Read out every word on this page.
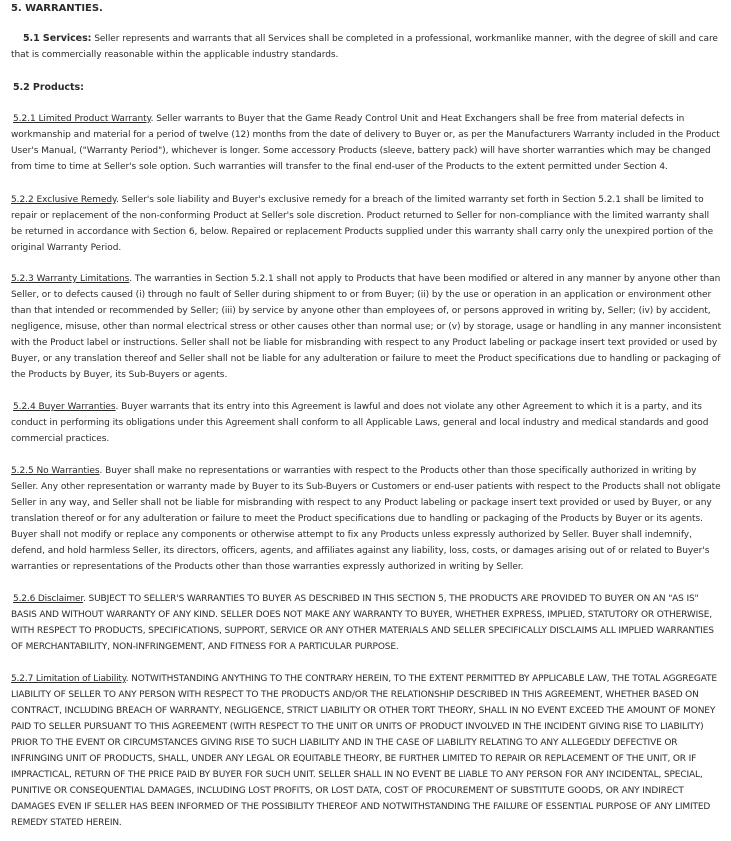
5. WARRANTIES.

5.1 Services: Seller represents and warrants that all Services shall be completed in a professional, workmanlike manner, with the degree of skill and care that is commercially reasonable within the applicable industry standards.

5.2 Products:

5.2.1 Limited Product Warranty. Seller warrants to Buyer that the Game Ready Control Unit and Heat Exchangers shall be free from material defects in workmanship and material for a period of twelve (12) months from the date of delivery to Buyer or, as per the Manufacturers Warranty included in the Product User's Manual, ("Warranty Period"), whichever is longer. Some accessory Products (sleeve, battery pack) will have shorter warranties which may be changed from time to time at Seller's sole option. Such warranties will transfer to the final end-user of the Products to the extent permitted under Section 4.

5.2.2 Exclusive Remedy. Seller's sole liability and Buyer's exclusive remedy for a breach of the limited warranty set forth in Section 5.2.1 shall be limited to repair or replacement of the non-conforming Product at Seller's sole discretion. Product returned to Seller for non-compliance with the limited warranty shall be returned in accordance with Section 6, below. Repaired or replacement Products supplied under this warranty shall carry only the unexpired portion of the original Warranty Period.

5.2.3 Warranty Limitations. The warranties in Section 5.2.1 shall not apply to Products that have been modified or altered in any manner by anyone other than Seller, or to defects caused (i) through no fault of Seller during shipment to or from Buyer; (ii) by the use or operation in an application or environment other than that intended or recommended by Seller; (iii) by service by anyone other than employees of, or persons approved in writing by, Seller; (iv) by accident, negligence, misuse, other than normal electrical stress or other causes other than normal use; or (v) by storage, usage or handling in any manner inconsistent with the Product label or instructions. Seller shall not be liable for misbranding with respect to any Product labeling or package insert text provided or used by Buyer, or any translation thereof and Seller shall not be liable for any adulteration or failure to meet the Product specifications due to handling or packaging of the Products by Buyer, its Sub-Buyers or agents.

5.2.4 Buyer Warranties. Buyer warrants that its entry into this Agreement is lawful and does not violate any other Agreement to which it is a party, and its conduct in performing its obligations under this Agreement shall conform to all Applicable Laws, general and local industry and medical standards and good commercial practices.

5.2.5 No Warranties. Buyer shall make no representations or warranties with respect to the Products other than those specifically authorized in writing by Seller. Any other representation or warranty made by Buyer to its Sub-Buyers or Customers or end-user patients with respect to the Products shall not obligate Seller in any way, and Seller shall not be liable for misbranding with respect to any Product labeling or package insert text provided or used by Buyer, or any translation thereof or for any adulteration or failure to meet the Product specifications due to handling or packaging of the Products by Buyer or its agents. Buyer shall not modify or replace any components or otherwise attempt to fix any Products unless expressly authorized by Seller. Buyer shall indemnify, defend, and hold harmless Seller, its directors, officers, agents, and affiliates against any liability, loss, costs, or damages arising out of or related to Buyer's warranties or representations of the Products other than those warranties expressly authorized in writing by Seller.

5.2.6 Disclaimer. SUBJECT TO SELLER'S WARRANTIES TO BUYER AS DESCRIBED IN THIS SECTION 5, THE PRODUCTS ARE PROVIDED TO BUYER ON AN "AS IS" BASIS AND WITHOUT WARRANTY OF ANY KIND. SELLER DOES NOT MAKE ANY WARRANTY TO BUYER, WHETHER EXPRESS, IMPLIED, STATUTORY OR OTHERWISE, WITH RESPECT TO PRODUCTS, SPECIFICATIONS, SUPPORT, SERVICE OR ANY OTHER MATERIALS AND SELLER SPECIFICALLY DISCLAIMS ALL IMPLIED WARRANTIES OF MERCHANTABILITY, NON-INFRINGEMENT, AND FITNESS FOR A PARTICULAR PURPOSE.

5.2.7 Limitation of Liability. NOTWITHSTANDING ANYTHING TO THE CONTRARY HEREIN, TO THE EXTENT PERMITTED BY APPLICABLE LAW, THE TOTAL AGGREGATE LIABILITY OF SELLER TO ANY PERSON WITH RESPECT TO THE PRODUCTS AND/OR THE RELATIONSHIP DESCRIBED IN THIS AGREEMENT, WHETHER BASED ON CONTRACT, INCLUDING BREACH OF WARRANTY, NEGLIGENCE, STRICT LIABILITY OR OTHER TORT THEORY, SHALL IN NO EVENT EXCEED THE AMOUNT OF MONEY PAID TO SELLER PURSUANT TO THIS AGREEMENT (WITH RESPECT TO THE UNIT OR UNITS OF PRODUCT INVOLVED IN THE INCIDENT GIVING RISE TO LIABILITY) PRIOR TO THE EVENT OR CIRCUMSTANCES GIVING RISE TO SUCH LIABILITY AND IN THE CASE OF LIABILITY RELATING TO ANY ALLEGEDLY DEFECTIVE OR INFRINGING UNIT OF PRODUCTS, SHALL, UNDER ANY LEGAL OR EQUITABLE THEORY, BE FURTHER LIMITED TO REPAIR OR REPLACEMENT OF THE UNIT, OR IF IMPRACTICAL, RETURN OF THE PRICE PAID BY BUYER FOR SUCH UNIT. SELLER SHALL IN NO EVENT BE LIABLE TO ANY PERSON FOR ANY INCIDENTAL, SPECIAL, PUNITIVE OR CONSEQUENTIAL DAMAGES, INCLUDING LOST PROFITS, OR LOST DATA, COST OF PROCUREMENT OF SUBSTITUTE GOODS, OR ANY INDIRECT DAMAGES EVEN IF SELLER HAS BEEN INFORMED OF THE POSSIBILITY THEREOF AND NOTWITHSTANDING THE FAILURE OF ESSENTIAL PURPOSE OF ANY LIMITED REMEDY STATED HEREIN.
